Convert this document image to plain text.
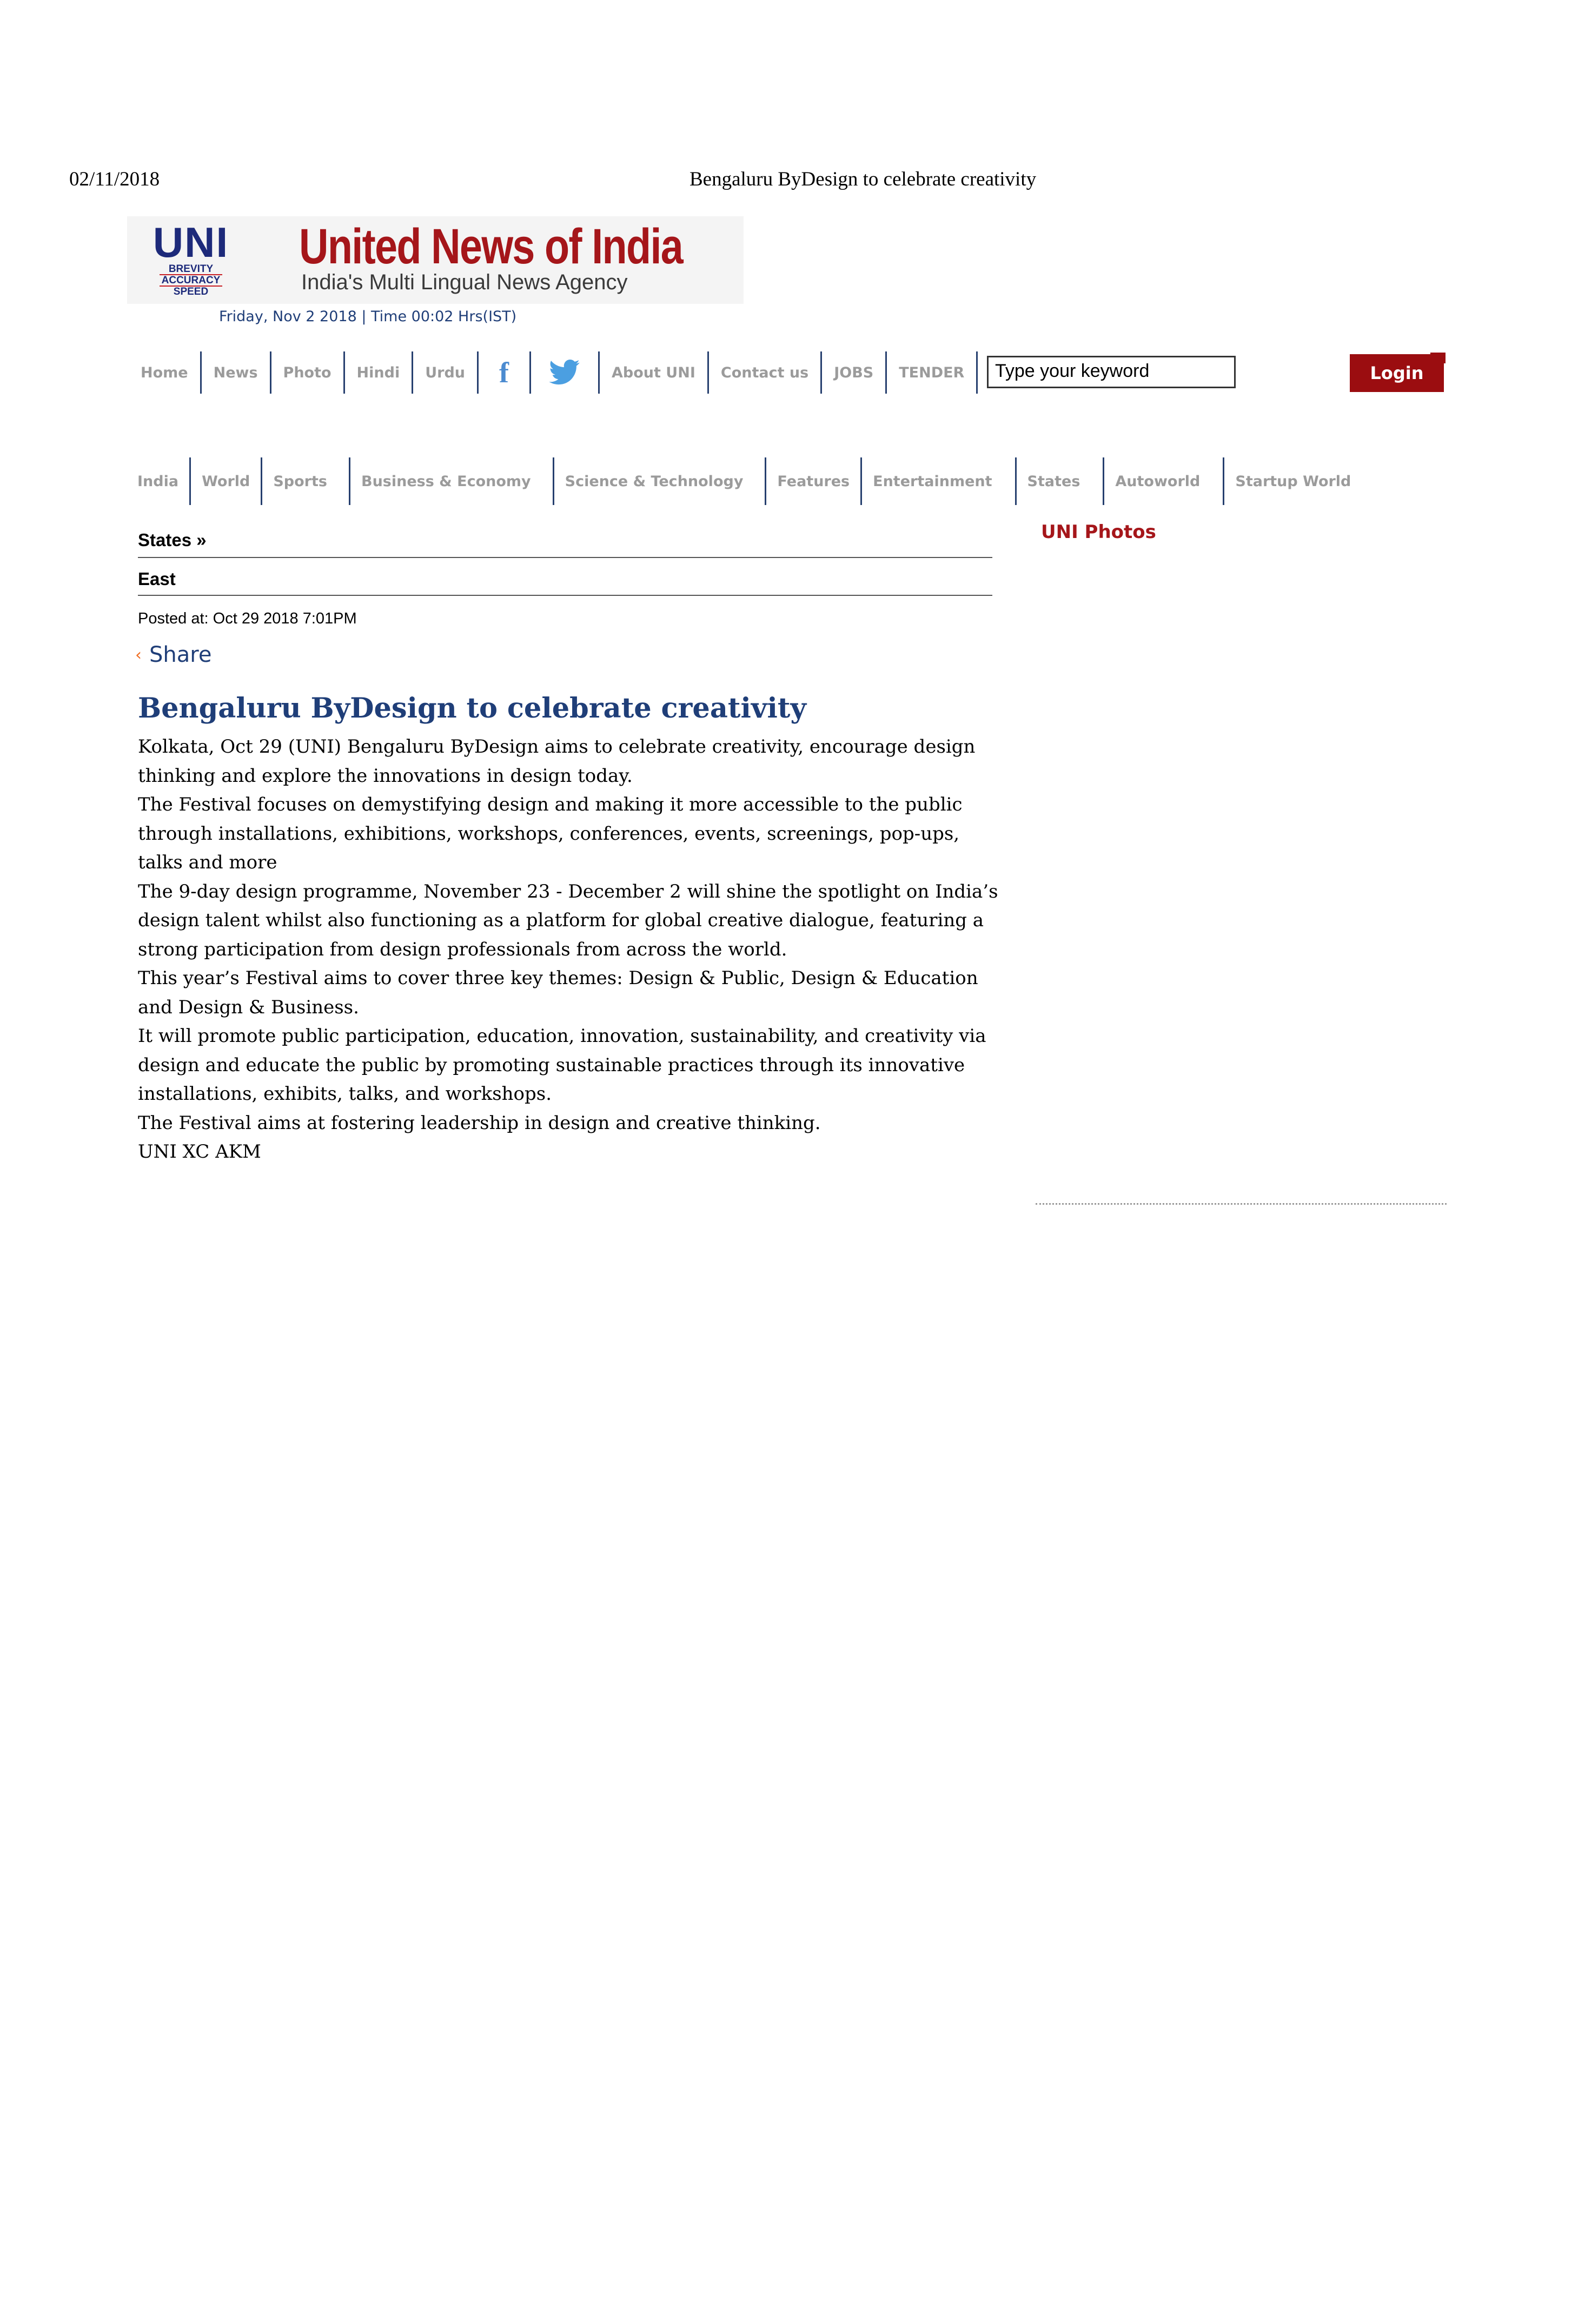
02/11/2018	Bengaluru ByDesign to celebrate creativity
UNI
BREVITY
ACCURACY
SPEED
United News of India
India's Multi Lingual News Agency
Friday, Nov 2 2018 | Time 00:02 Hrs(IST)
Home	News	Photo	Hindi	Urdu	f	About UNI	Contact us	JOBS	TENDER	Type your keyword	Login
India	World	Sports	Business & Economy	Science & Technology	Features	Entertainment	States	Autoworld	Startup World
States »
East
Posted at: Oct 29 2018 7:01PM
‹ Share
Bengaluru ByDesign to celebrate creativity

Kolkata, Oct 29 (UNI) Bengaluru ByDesign aims to celebrate creativity, encourage design thinking and explore the innovations in design today.

The Festival focuses on demystifying design and making it more accessible to the public through installations, exhibitions, workshops, conferences, events, screenings, pop-ups, talks and more

The 9-day design programme, November 23 - December 2 will shine the spotlight on India’s design talent whilst also functioning as a platform for global creative dialogue, featuring a strong participation from design professionals from across the world.

This year’s Festival aims to cover three key themes: Design & Public, Design & Education and Design & Business.

It will promote public participation, education, innovation, sustainability, and creativity via design and educate the public by promoting sustainable practices through its innovative installations, exhibits, talks, and workshops.

The Festival aims at fostering leadership in design and creative thinking.

UNI XC AKM

UNI Photos
